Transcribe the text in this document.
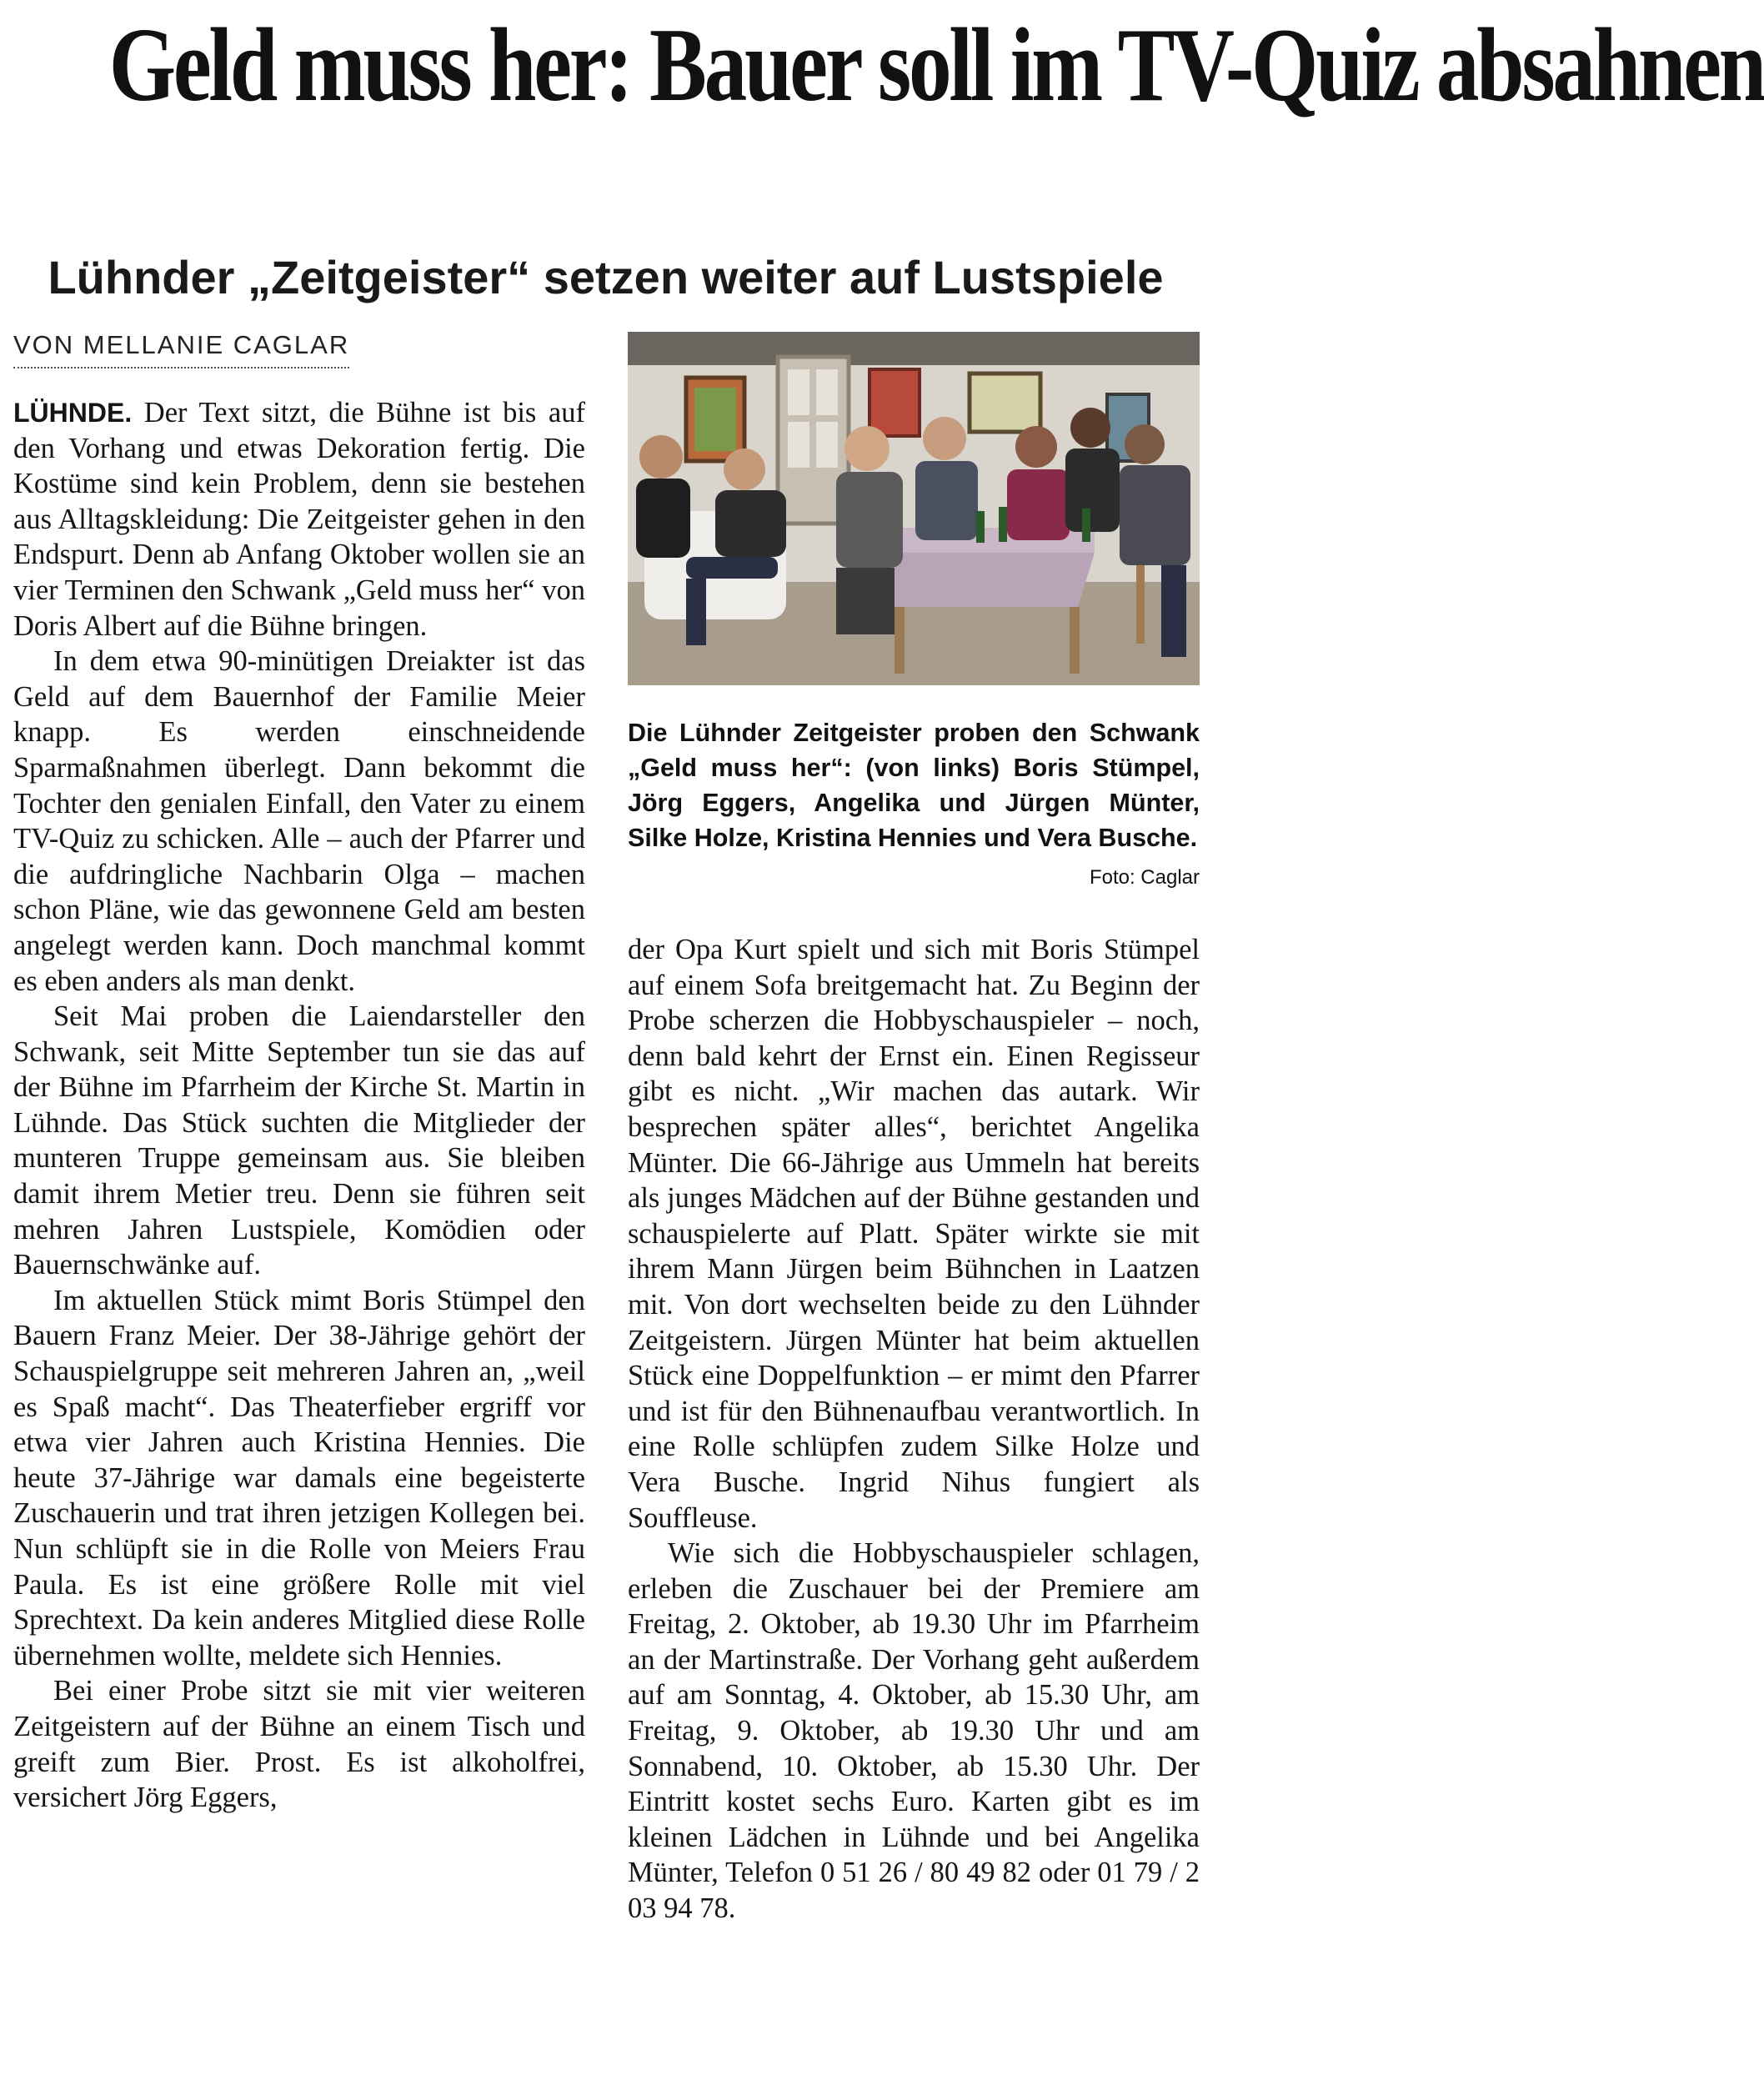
Geld muss her: Bauer soll im TV-Quiz absahnen
Lühnder „Zeitgeister“ setzen weiter auf Lustspiele
VON MELLANIE CAGLAR

LÜHNDE. Der Text sitzt, die Bühne ist bis auf den Vorhang und etwas Dekoration fertig. Die Kostüme sind kein Problem, denn sie bestehen aus Alltagskleidung: Die Zeitgeister gehen in den Endspurt. Denn ab Anfang Oktober wollen sie an vier Terminen den Schwank „Geld muss her“ von Doris Albert auf die Bühne bringen.

In dem etwa 90-minütigen Dreiakter ist das Geld auf dem Bauernhof der Familie Meier knapp. Es werden einschneidende Sparmaßnahmen überlegt. Dann bekommt die Tochter den genialen Einfall, den Vater zu einem TV-Quiz zu schicken. Alle – auch der Pfarrer und die aufdringliche Nachbarin Olga – machen schon Pläne, wie das gewonnene Geld am besten angelegt werden kann. Doch manchmal kommt es eben anders als man denkt.

Seit Mai proben die Laiendarsteller den Schwank, seit Mitte September tun sie das auf der Bühne im Pfarrheim der Kirche St. Martin in Lühnde. Das Stück suchten die Mitglieder der munteren Truppe gemeinsam aus. Sie bleiben damit ihrem Metier treu. Denn sie führen seit mehren Jahren Lustspiele, Komödien oder Bauernschwänke auf.

Im aktuellen Stück mimt Boris Stümpel den Bauern Franz Meier. Der 38-Jährige gehört der Schauspielgruppe seit mehreren Jahren an, „weil es Spaß macht“. Das Theaterfieber ergriff vor etwa vier Jahren auch Kristina Hennies. Die heute 37-Jährige war damals eine begeisterte Zuschauerin und trat ihren jetzigen Kollegen bei. Nun schlüpft sie in die Rolle von Meiers Frau Paula. Es ist eine größere Rolle mit viel Sprechtext. Da kein anderes Mitglied diese Rolle übernehmen wollte, meldete sich Hennies.

Bei einer Probe sitzt sie mit vier weiteren Zeitgeistern auf der Bühne an einem Tisch und greift zum Bier. Prost. Es ist alkoholfrei, versichert Jörg Eggers,

Die Lühnder Zeitgeister proben den Schwank „Geld muss her“: (von links) Boris Stümpel, Jörg Eggers, Angelika und Jürgen Münter, Silke Holze, Kristina Hennies und Vera Busche.
Foto: Caglar

der Opa Kurt spielt und sich mit Boris Stümpel auf einem Sofa breitgemacht hat. Zu Beginn der Probe scherzen die Hobbyschauspieler – noch, denn bald kehrt der Ernst ein. Einen Regisseur gibt es nicht. „Wir machen das autark. Wir besprechen später alles“, berichtet Angelika Münter. Die 66-Jährige aus Ummeln hat bereits als junges Mädchen auf der Bühne gestanden und schauspielerte auf Platt. Später wirkte sie mit ihrem Mann Jürgen beim Bühnchen in Laatzen mit. Von dort wechselten beide zu den Lühnder Zeitgeistern. Jürgen Münter hat beim aktuellen Stück eine Doppelfunktion – er mimt den Pfarrer und ist für den Bühnenaufbau verantwortlich. In eine Rolle schlüpfen zudem Silke Holze und Vera Busche. Ingrid Nihus fungiert als Souffleuse.

Wie sich die Hobbyschauspieler schlagen, erleben die Zuschauer bei der Premiere am Freitag, 2. Oktober, ab 19.30 Uhr im Pfarrheim an der Martinstraße. Der Vorhang geht außerdem auf am Sonntag, 4. Oktober, ab 15.30 Uhr, am Freitag, 9. Oktober, ab 19.30 Uhr und am Sonnabend, 10. Oktober, ab 15.30 Uhr. Der Eintritt kostet sechs Euro. Karten gibt es im kleinen Lädchen in Lühnde und bei Angelika Münter, Telefon 0 51 26 / 80 49 82 oder 01 79 / 2 03 94 78.
